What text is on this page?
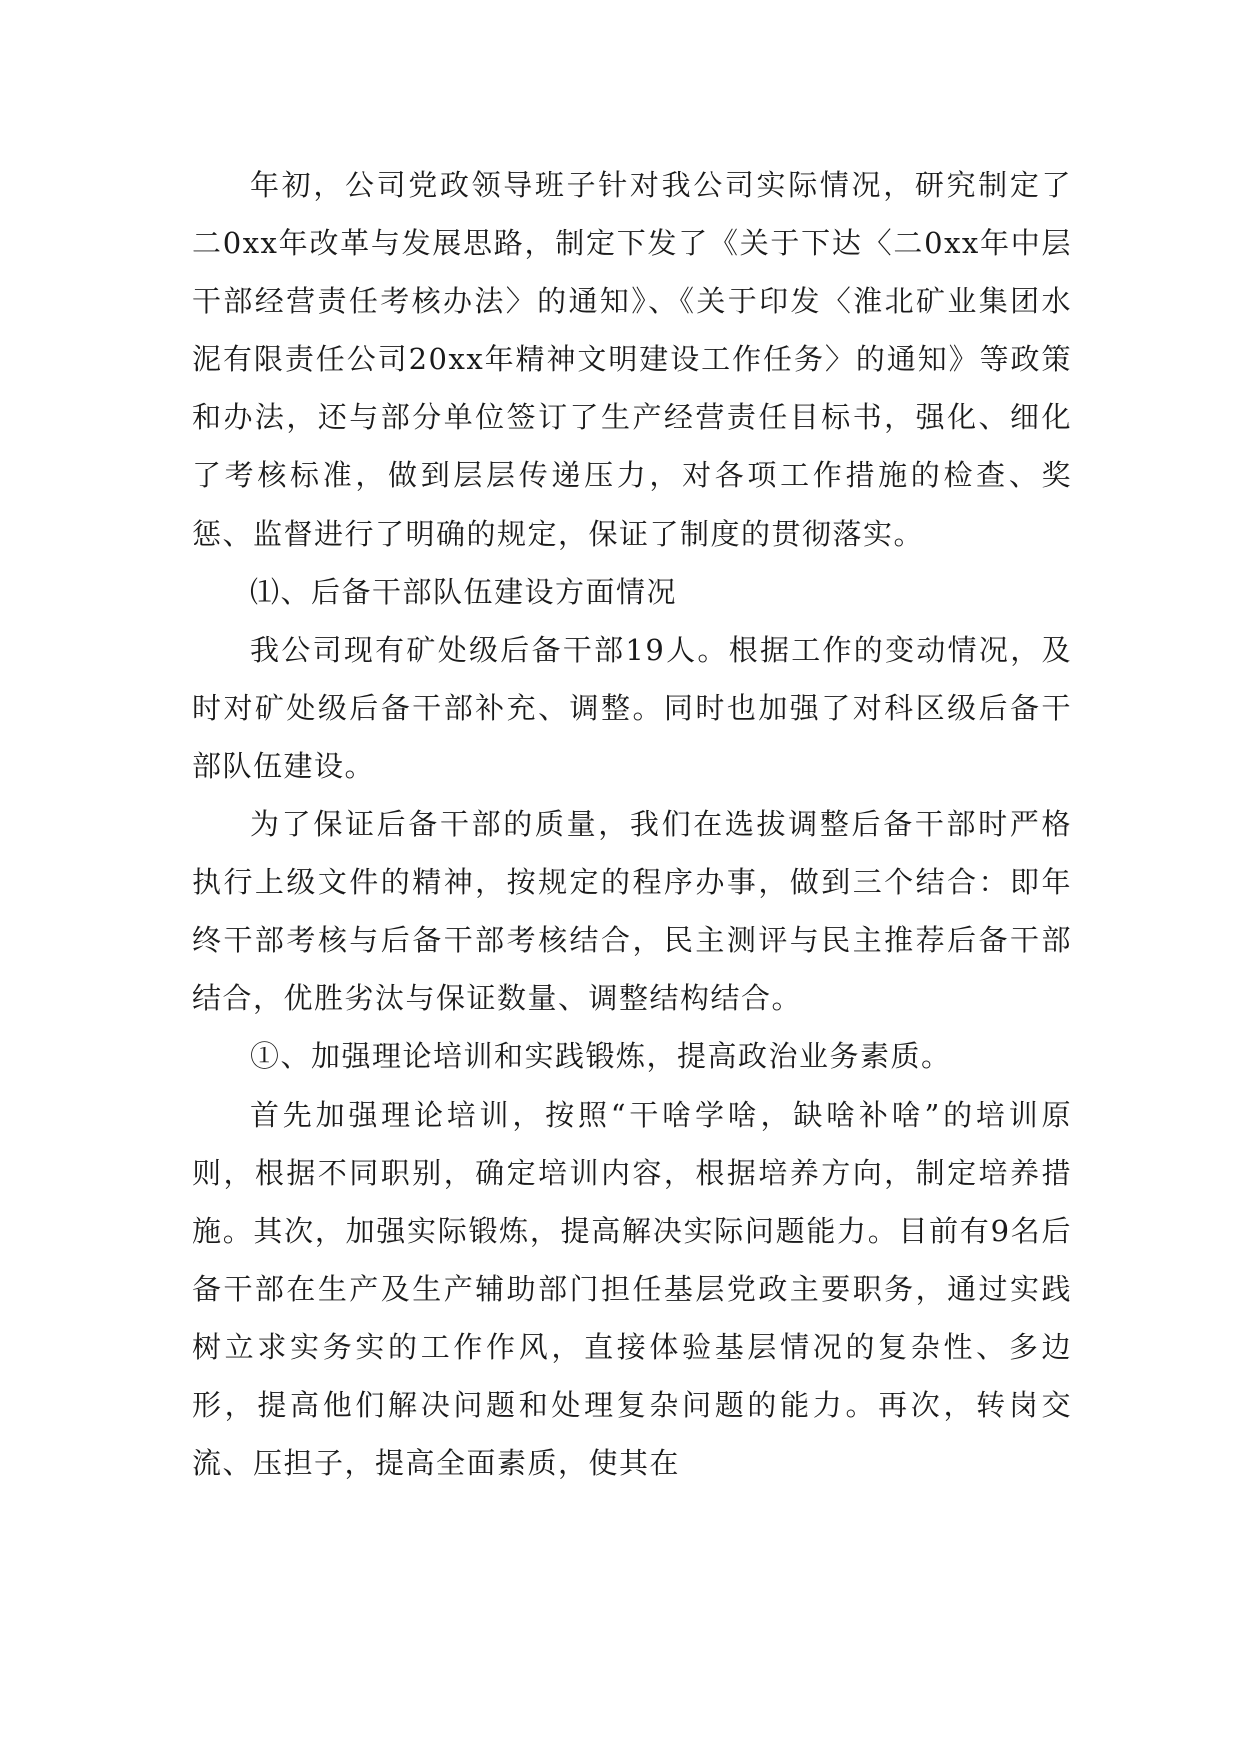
年初，公司党政领导班子针对我公司实际情况，研究制定了二0xx年改革与发展思路，制定下发了《关于下达〈二0xx年中层干部经营责任考核办法〉的通知》、《关于印发〈淮北矿业集团水泥有限责任公司20xx年精神文明建设工作任务〉的通知》等政策和办法，还与部分单位签订了生产经营责任目标书，强化、细化了考核标准，做到层层传递压力，对各项工作措施的检查、奖惩、监督进行了明确的规定，保证了制度的贯彻落实。

⑴、后备干部队伍建设方面情况

我公司现有矿处级后备干部19人。根据工作的变动情况，及时对矿处级后备干部补充、调整。同时也加强了对科区级后备干部队伍建设。

为了保证后备干部的质量，我们在选拔调整后备干部时严格执行上级文件的精神，按规定的程序办事，做到三个结合：即年终干部考核与后备干部考核结合，民主测评与民主推荐后备干部结合，优胜劣汰与保证数量、调整结构结合。

①、加强理论培训和实践锻炼，提高政治业务素质。

首先加强理论培训，按照“干啥学啥，缺啥补啥”的培训原则，根据不同职别，确定培训内容，根据培养方向，制定培养措施。其次，加强实际锻炼，提高解决实际问题能力。目前有9名后备干部在生产及生产辅助部门担任基层党政主要职务，通过实践树立求实务实的工作作风，直接体验基层情况的复杂性、多边形，提高他们解决问题和处理复杂问题的能力。再次，转岗交流、压担子，提高全面素质，使其在
